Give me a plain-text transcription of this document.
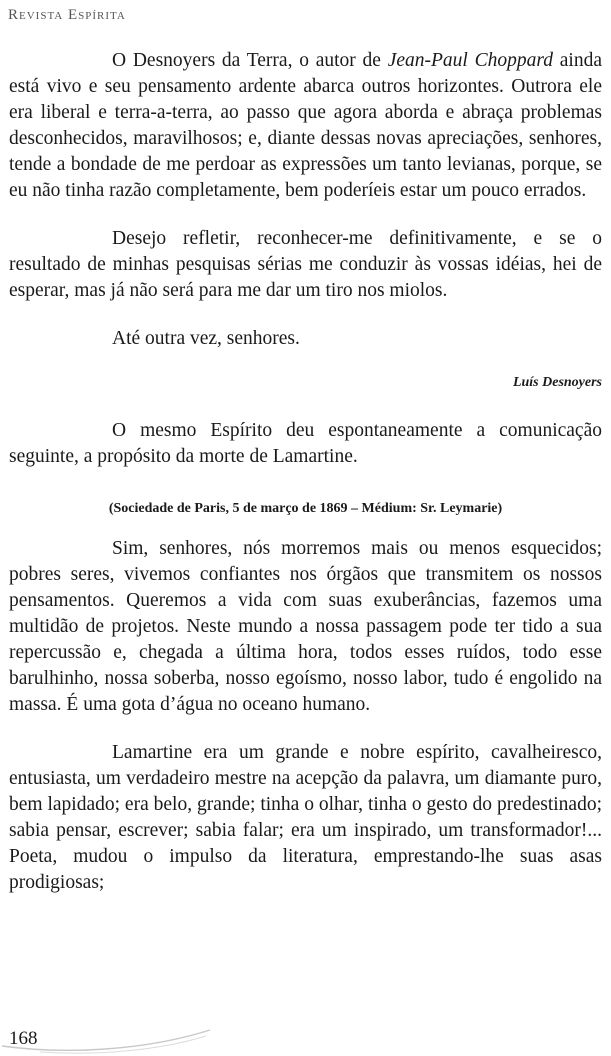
Revista Espírita

O Desnoyers da Terra, o autor de Jean-Paul Choppard ainda está vivo e seu pensamento ardente abarca outros horizontes. Outrora ele era liberal e terra-a-terra, ao passo que agora aborda e abraça problemas desconhecidos, maravilhosos; e, diante dessas novas apreciações, senhores, tende a bondade de me perdoar as expressões um tanto levianas, porque, se eu não tinha razão completamente, bem poderíeis estar um pouco errados.

Desejo refletir, reconhecer-me definitivamente, e se o resultado de minhas pesquisas sérias me conduzir às vossas idéias, hei de esperar, mas já não será para me dar um tiro nos miolos.

Até outra vez, senhores.

Luís Desnoyers

O mesmo Espírito deu espontaneamente a comunicação seguinte, a propósito da morte de Lamartine.

(Sociedade de Paris, 5 de março de 1869 – Médium: Sr. Leymarie)

Sim, senhores, nós morremos mais ou menos esquecidos; pobres seres, vivemos confiantes nos órgãos que transmitem os nossos pensamentos. Queremos a vida com suas exuberâncias, fazemos uma multidão de projetos. Neste mundo a nossa passagem pode ter tido a sua repercussão e, chegada a última hora, todos esses ruídos, todo esse barulhinho, nossa soberba, nosso egoísmo, nosso labor, tudo é engolido na massa. É uma gota d’água no oceano humano.

Lamartine era um grande e nobre espírito, cavalheiresco, entusiasta, um verdadeiro mestre na acepção da palavra, um diamante puro, bem lapidado; era belo, grande; tinha o olhar, tinha o gesto do predestinado; sabia pensar, escrever; sabia falar; era um inspirado, um transformador!... Poeta, mudou o impulso da literatura, emprestando-lhe suas asas prodigiosas;

168
